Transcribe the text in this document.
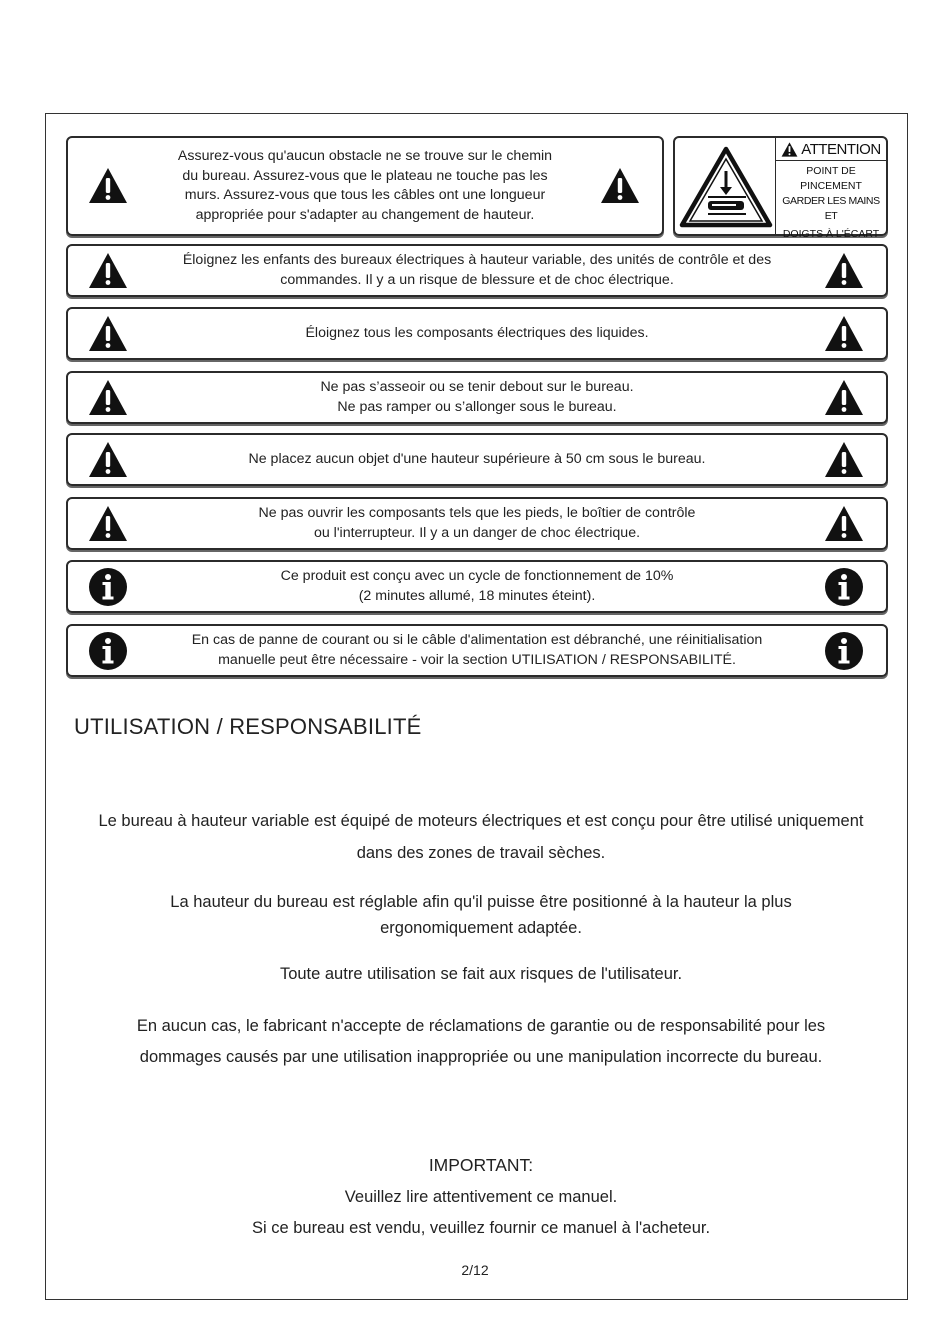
Assurez-vous qu'aucun obstacle ne se trouve sur le chemin
du bureau. Assurez-vous que le plateau ne touche pas les
murs. Assurez-vous que tous les câbles ont une longueur
appropriée pour s'adapter au changement de hauteur.
ATTENTION
POINT DE
PINCEMENT
GARDER LES MAINS ET
DOIGTS À L'ÉCART
Éloignez les enfants des bureaux électriques à hauteur variable, des unités de contrôle et des
commandes. Il y a un risque de blessure et de choc électrique.
Éloignez tous les composants électriques des liquides.
Ne pas s’asseoir ou se tenir debout sur le bureau.
Ne pas ramper ou s’allonger sous le bureau.
Ne placez aucun objet d'une hauteur supérieure à 50 cm sous le bureau.
Ne pas ouvrir les composants tels que les pieds, le boîtier de contrôle
ou l'interrupteur. Il y a un danger de choc électrique.
Ce produit est conçu avec un cycle de fonctionnement de 10%
(2 minutes allumé, 18 minutes éteint).
En cas de panne de courant ou si le câble d'alimentation est débranché, une réinitialisation
manuelle peut être nécessaire - voir la section UTILISATION / RESPONSABILITÉ.
UTILISATION / RESPONSABILITÉ
Le bureau à hauteur variable est équipé de moteurs électriques et est conçu pour être utilisé uniquement dans des zones de travail sèches.
La hauteur du bureau est réglable afin qu'il puisse être positionné à la hauteur la plus ergonomiquement adaptée.
Toute autre utilisation se fait aux risques de l'utilisateur.
En aucun cas, le fabricant n'accepte de réclamations de garantie ou de responsabilité pour les dommages causés par une utilisation inappropriée ou une manipulation incorrecte du bureau.
IMPORTANT:
Veuillez lire attentivement ce manuel.
Si ce bureau est vendu, veuillez fournir ce manuel à l'acheteur.
2/12
